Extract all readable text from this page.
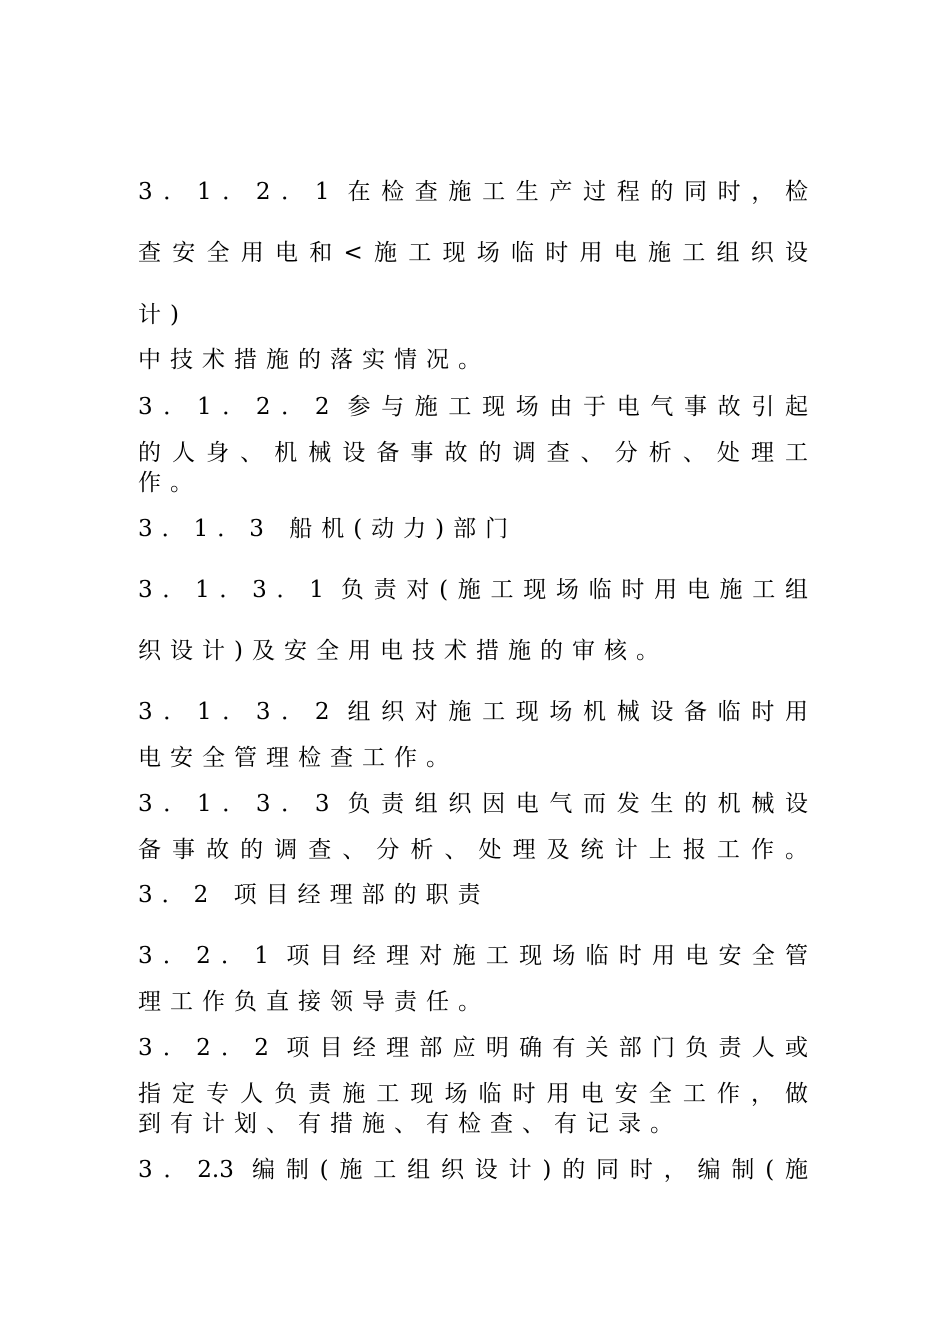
3．1．2．1 在检查施工生产过程的同时，检
查安全用电和<施工现场临时用电施工组织设
计)
中技术措施的落实情况。
3．1．2．2 参与施工现场由于电气事故引起
的人身、机械设备事故的调查、分析、处理工
作。
3．1．3 船机(动力)部门
3．1．3．1 负责对(施工现场临时用电施工组
织设计)及安全用电技术措施的审核。
3．1．3．2 组织对施工现场机械设备临时用
电安全管理检查工作。
3．1．3．3 负责组织因电气而发生的机械设
备事故的调查、分析、处理及统计上报工作。
3．2 项目经理部的职责
3．2．1 项目经理对施工现场临时用电安全管
理工作负直接领导责任。
3．2．2 项目经理部应明确有关部门负责人或
指定专人负责施工现场临时用电安全工作，做
到有计划、有措施、有检查、有记录。
3．2.3 编制(施工组织设计)的同时，编制(施
